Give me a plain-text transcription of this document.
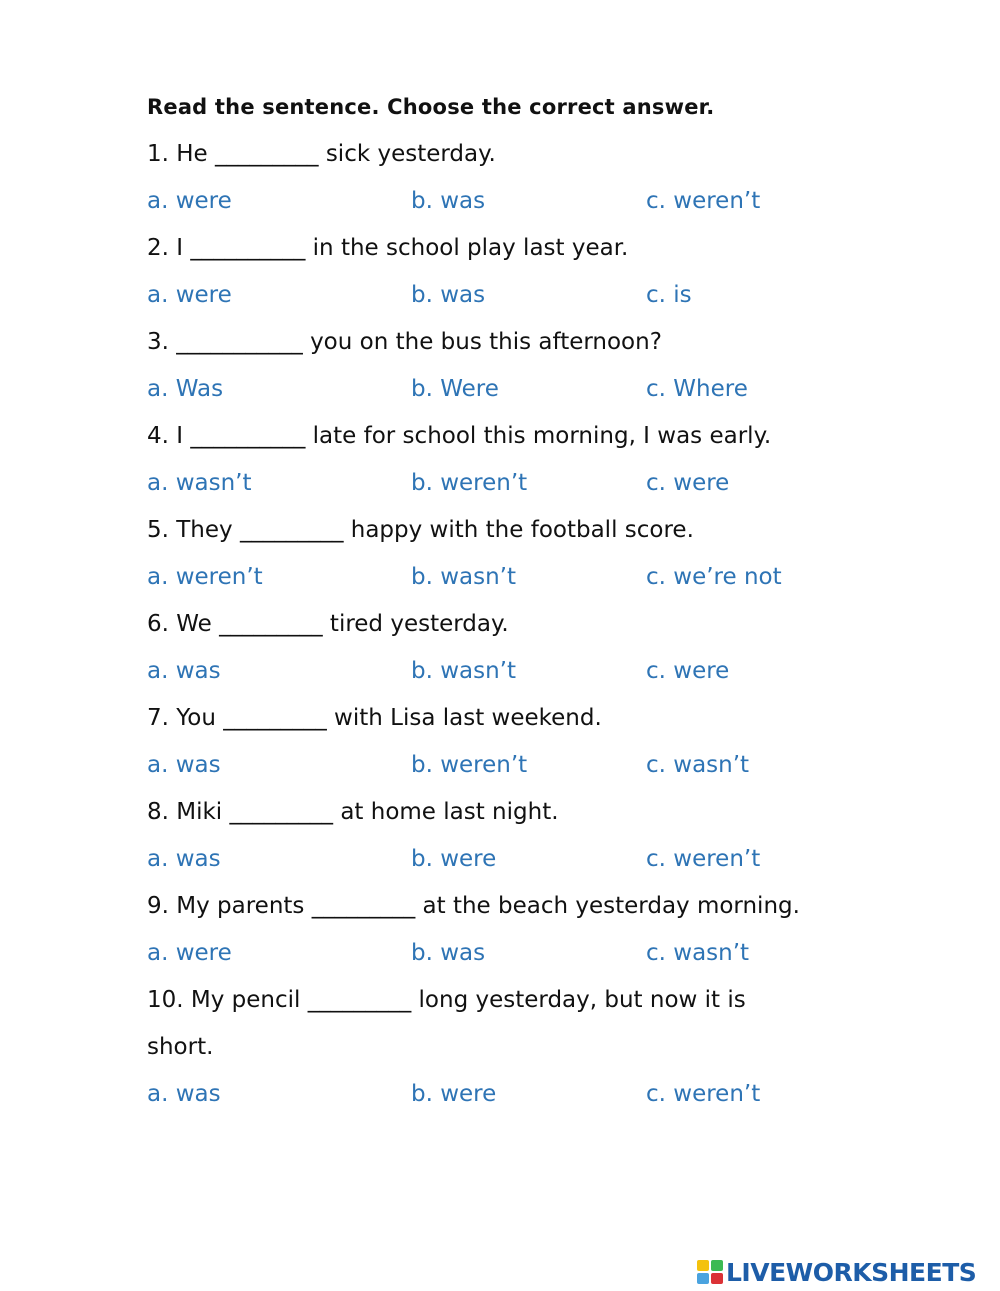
Read the sentence. Choose the correct answer.
1. He _________ sick yesterday.
a. were	b. was	c. weren’t
2. I __________ in the school play last year.
a. were	b. was	c. is
3. ___________ you on the bus this afternoon?
a. Was	b. Were	c. Where
4. I __________ late for school this morning, I was early.
a. wasn’t	b. weren’t	c. were
5. They _________ happy with the football score.
a. weren’t	b. wasn’t	c. we’re not
6. We _________ tired yesterday.
a. was	b. wasn’t	c. were
7. You _________ with Lisa last weekend.
a. was	b. weren’t	c. wasn’t
8. Miki _________ at home last night.
a. was	b. were	c. weren’t
9. My parents _________ at the beach yesterday morning.
a. were	b. was	c. wasn’t
10. My pencil _________ long yesterday, but now it is
short.
a. was	b. were	c. weren’t
LIVEWORKSHEETS
